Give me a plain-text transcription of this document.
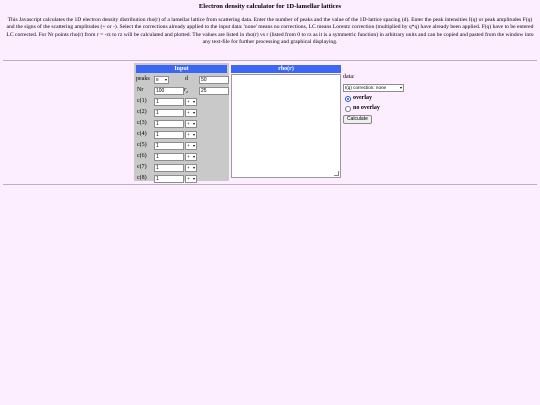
Electron density calculator for 1D-lamellar lattices
This Javascript calculates the 1D electron density distribution rho(r) of a lamellar lattice from scattering data. Enter the number of peaks and the value of the 1D-lattice spacing (d). Enter the peak intensities I(q) or peak amplitudes F(q) and the signs of the scattering amplitudes (+ or -). Select the corrections already applied to the input data: 'none' means no corrections, LC means Lorentz correction (multiplied by q*q) have already been applied. F(q) have to be entered LC corrected. For Nr points rho(r) from r = -rz to rz will be calculated and plotted. The values are listed in rho(r) vs r (listed from 0 to rz as it is a symmetric function) in arbitrary units and can be copied and pasted from the window into any text-file for further processing and graphical displaying.
Input
peaks	8 ▾	d	50
Nr	100	$r_z$	25
c(1)	1	+ ▾
c(2)	1	+ ▾
c(3)	1	+ ▾
c(4)	1	+ ▾
c(5)	1	+ ▾
c(6)	1	+ ▾
c(7)	1	+ ▾
c(8)	1	+ ▾
rho(r)
data:
I(q) correction: none	▾
overlay
no overlay
Calculate
